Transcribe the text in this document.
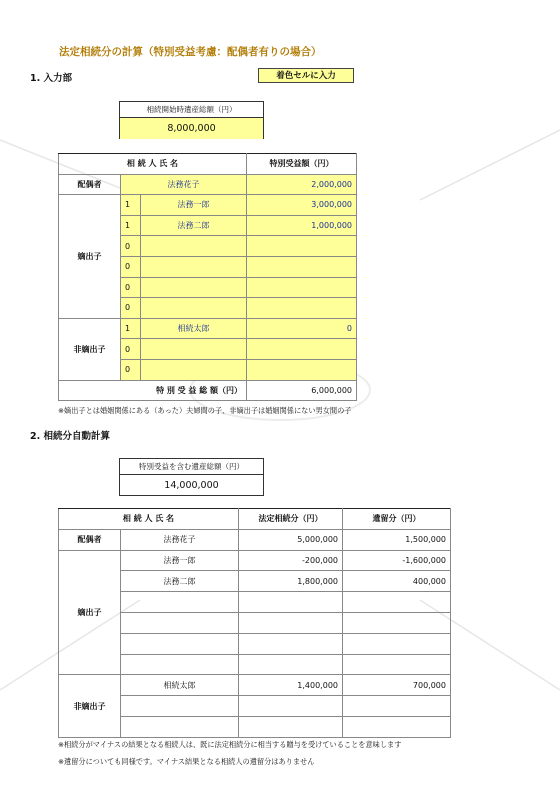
法定相続分の計算（特別受益考慮：配偶者有りの場合）
1. 入力部	着色セルに入力
相続開始時遺産総額（円）
8,000,000
相 続 人 氏 名			特別受益額（円）
配偶者	法務花子		2,000,000
嫡出子	1	法務一郎	3,000,000
	1	法務二郎	1,000,000
	0		
	0		
	0		
	0		
非嫡出子	1	相続太郎	0
	0		
	0		
特 別 受 益 総 額（円）			6,000,000
※嫡出子とは婚姻関係にある（あった）夫婦間の子、非嫡出子は婚姻関係にない男女間の子
2. 相続分自動計算
特別受益を含む遺産総額（円）
14,000,000
相 続 人 氏 名		法定相続分（円）	遺留分（円）
配偶者	法務花子	5,000,000	1,500,000
嫡出子	法務一郎	-200,000	-1,600,000
	法務二郎	1,800,000	400,000

非嫡出子	相続太郎	1,400,000	700,000

※相続分がマイナスの結果となる相続人は、既に法定相続分に相当する贈与を受けていることを意味します
※遺留分についても同様です。マイナス結果となる相続人の遺留分はありません
